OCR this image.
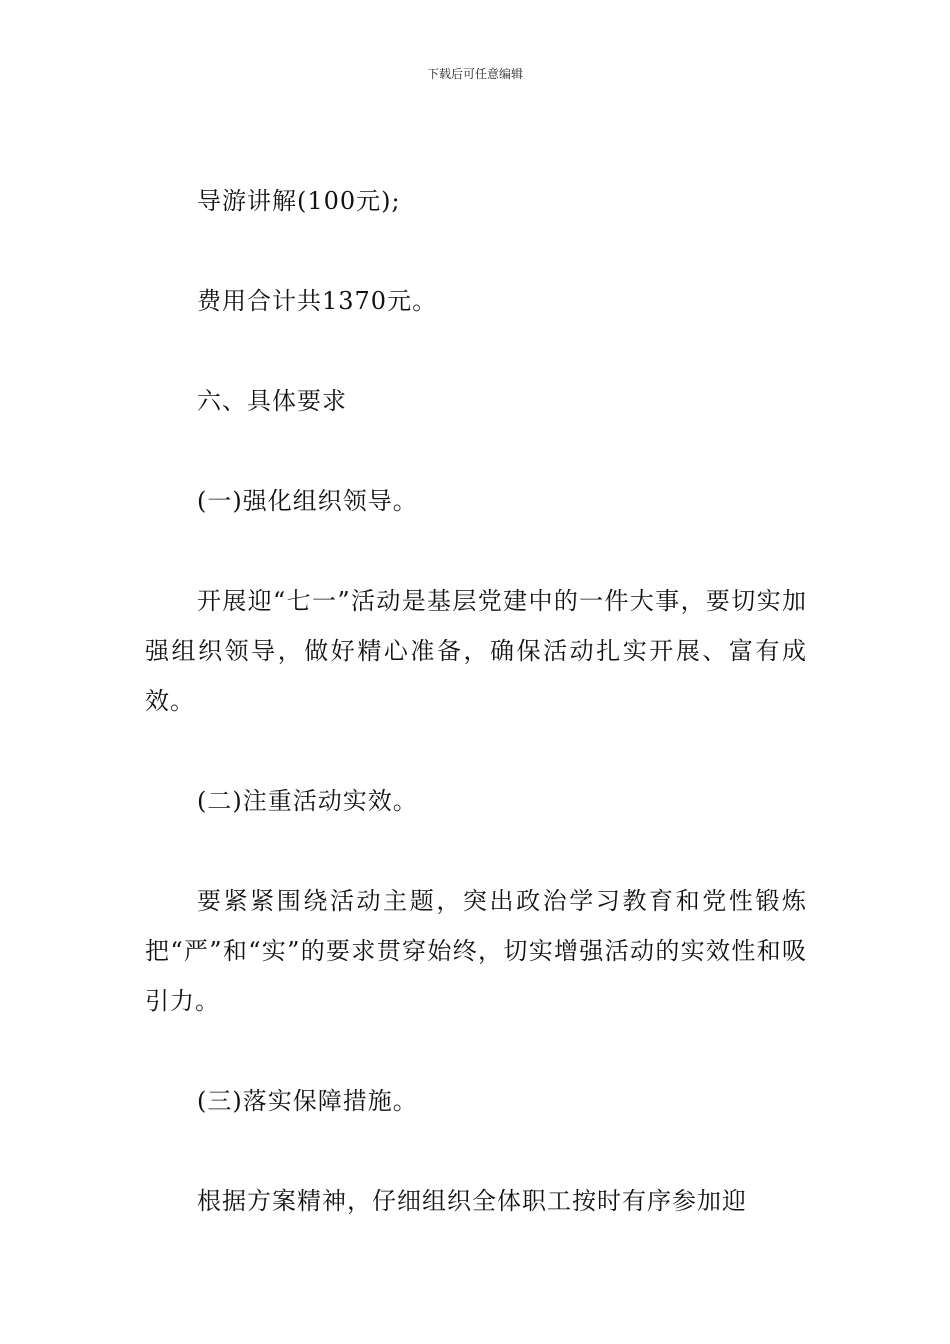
下载后可任意编辑

导游讲解(100元);

费用合计共1370元。

六、具体要求

(一)强化组织领导。

开展迎“七一”活动是基层党建中的一件大事，要切实加强组织领导，做好精心准备，确保活动扎实开展、富有成效。

(二)注重活动实效。

要紧紧围绕活动主题，突出政治学习教育和党性锻炼把“严”和“实”的要求贯穿始终，切实增强活动的实效性和吸引力。

(三)落实保障措施。

根据方案精神，仔细组织全体职工按时有序参加迎
